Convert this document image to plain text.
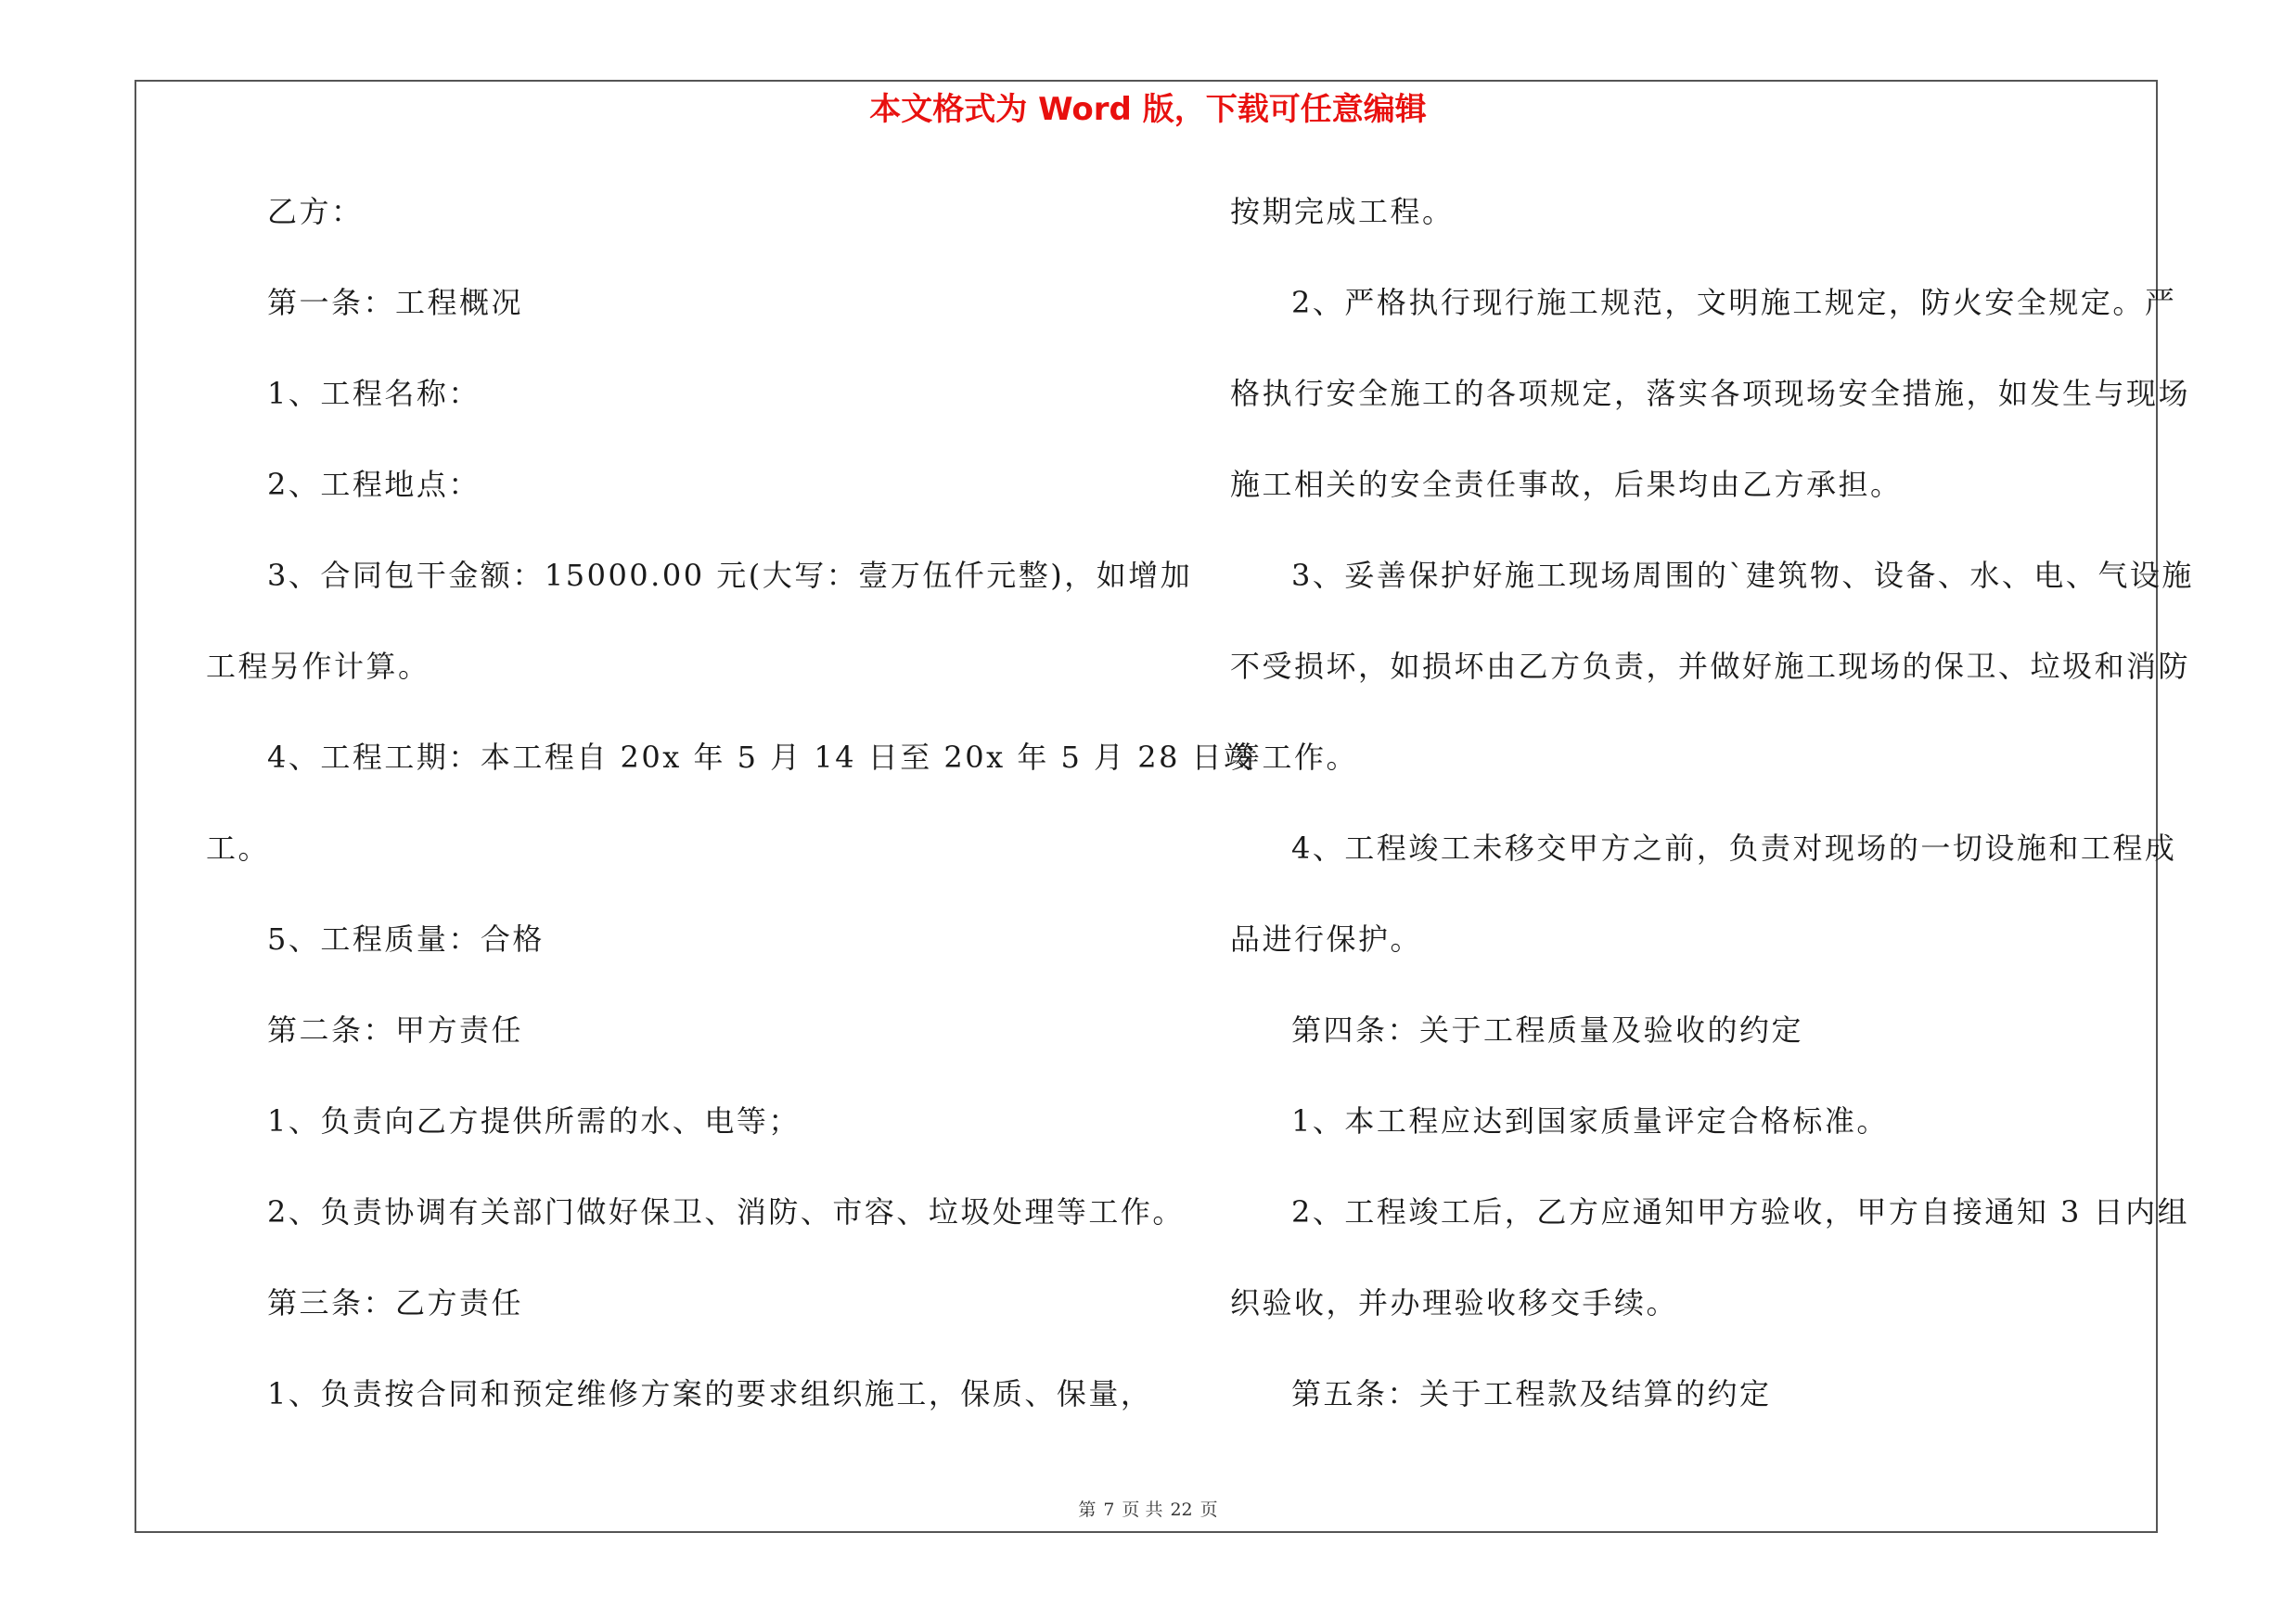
本文格式为 Word 版，下载可任意编辑
乙方：
第一条：工程概况
1、工程名称：
2、工程地点：
3、合同包干金额：15000.00 元(大写：壹万伍仟元整)，如增加
工程另作计算。
4、工程工期：本工程自 20x 年 5 月 14 日至 20x 年 5 月 28 日竣
工。
5、工程质量：合格
第二条：甲方责任
1、负责向乙方提供所需的水、电等；
2、负责协调有关部门做好保卫、消防、市容、垃圾处理等工作。
第三条：乙方责任
1、负责按合同和预定维修方案的要求组织施工，保质、保量，
按期完成工程。
2、严格执行现行施工规范，文明施工规定，防火安全规定。严
格执行安全施工的各项规定，落实各项现场安全措施，如发生与现场
施工相关的安全责任事故，后果均由乙方承担。
3、妥善保护好施工现场周围的`建筑物、设备、水、电、气设施
不受损坏，如损坏由乙方负责，并做好施工现场的保卫、垃圾和消防
等工作。
4、工程竣工未移交甲方之前，负责对现场的一切设施和工程成
品进行保护。
第四条：关于工程质量及验收的约定
1、本工程应达到国家质量评定合格标准。
2、工程竣工后，乙方应通知甲方验收，甲方自接通知 3 日内组
织验收，并办理验收移交手续。
第五条：关于工程款及结算的约定
第 7 页 共 22 页
